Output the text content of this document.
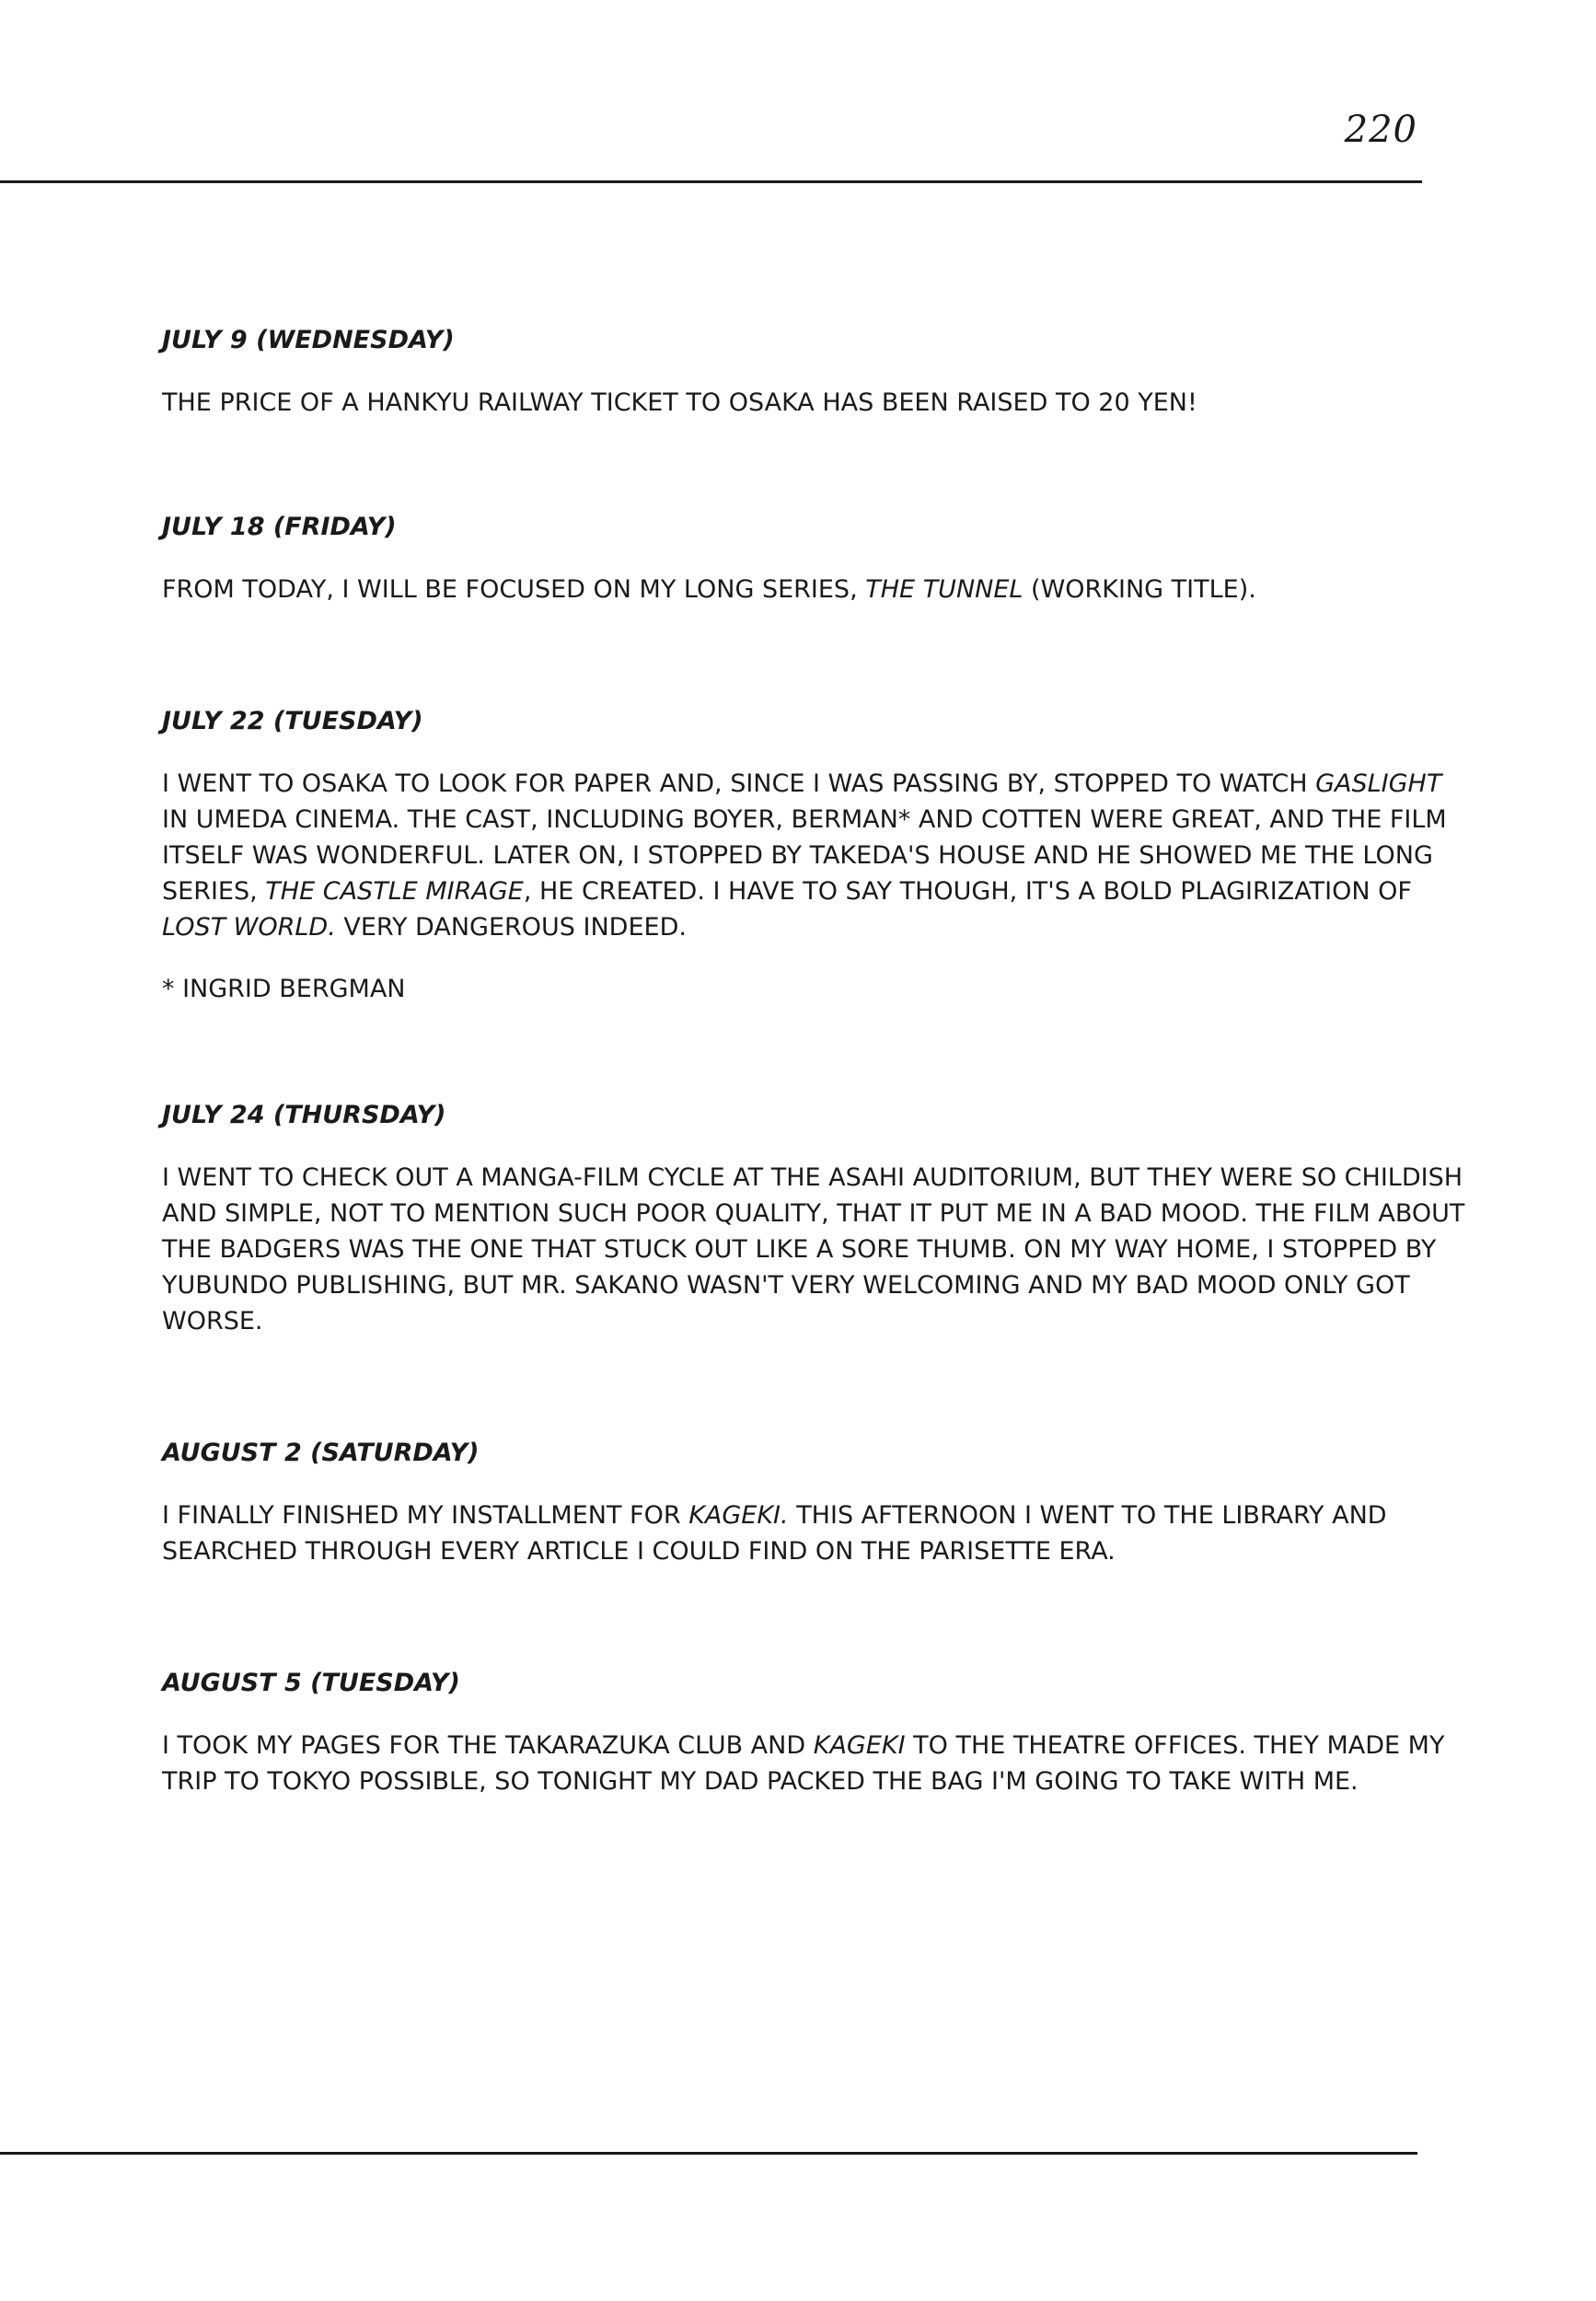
220
JULY 9 (WEDNESDAY)

THE PRICE OF A HANKYU RAILWAY TICKET TO OSAKA HAS BEEN RAISED TO 20 YEN!

JULY 18 (FRIDAY)

FROM TODAY, I WILL BE FOCUSED ON MY LONG SERIES, THE TUNNEL (WORKING TITLE).

JULY 22 (TUESDAY)

I WENT TO OSAKA TO LOOK FOR PAPER AND, SINCE I WAS PASSING BY, STOPPED TO WATCH GASLIGHT IN UMEDA CINEMA. THE CAST, INCLUDING BOYER, BERMAN* AND COTTEN WERE GREAT, AND THE FILM ITSELF WAS WONDERFUL. LATER ON, I STOPPED BY TAKEDA'S HOUSE AND HE SHOWED ME THE LONG SERIES, THE CASTLE MIRAGE, HE CREATED. I HAVE TO SAY THOUGH, IT'S A BOLD PLAGIRIZATION OF LOST WORLD. VERY DANGEROUS INDEED.

* INGRID BERGMAN

JULY 24 (THURSDAY)

I WENT TO CHECK OUT A MANGA-FILM CYCLE AT THE ASAHI AUDITORIUM, BUT THEY WERE SO CHILDISH AND SIMPLE, NOT TO MENTION SUCH POOR QUALITY, THAT IT PUT ME IN A BAD MOOD. THE FILM ABOUT THE BADGERS WAS THE ONE THAT STUCK OUT LIKE A SORE THUMB. ON MY WAY HOME, I STOPPED BY YUBUNDO PUBLISHING, BUT MR. SAKANO WASN'T VERY WELCOMING AND MY BAD MOOD ONLY GOT WORSE.

AUGUST 2 (SATURDAY)

I FINALLY FINISHED MY INSTALLMENT FOR KAGEKI. THIS AFTERNOON I WENT TO THE LIBRARY AND SEARCHED THROUGH EVERY ARTICLE I COULD FIND ON THE PARISETTE ERA.

AUGUST 5 (TUESDAY)

I TOOK MY PAGES FOR THE TAKARAZUKA CLUB AND KAGEKI TO THE THEATRE OFFICES. THEY MADE MY TRIP TO TOKYO POSSIBLE, SO TONIGHT MY DAD PACKED THE BAG I'M GOING TO TAKE WITH ME.
